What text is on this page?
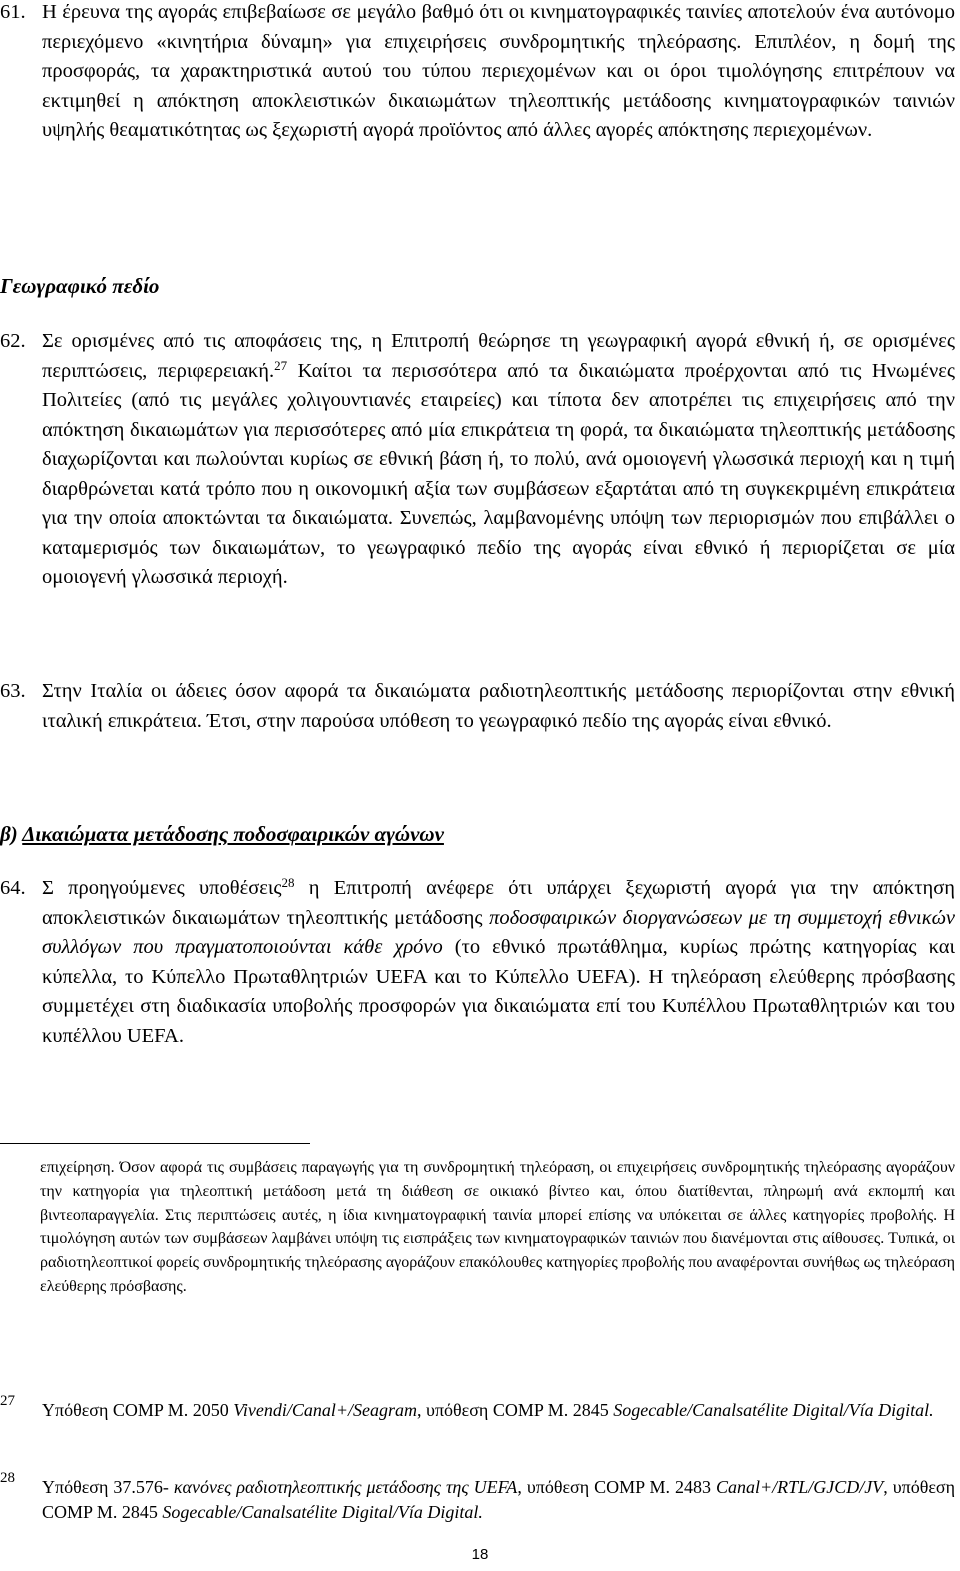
61. Η έρευνα της αγοράς επιβεβαίωσε σε μεγάλο βαθμό ότι οι κινηματογραφικές ταινίες αποτελούν ένα αυτόνομο περιεχόμενο «κινητήρια δύναμη» για επιχειρήσεις συνδρομητικής τηλεόρασης. Επιπλέον, η δομή της προσφοράς, τα χαρακτηριστικά αυτού του τύπου περιεχομένων και οι όροι τιμολόγησης επιτρέπουν να εκτιμηθεί η απόκτηση αποκλειστικών δικαιωμάτων τηλεοπτικής μετάδοσης κινηματογραφικών ταινιών υψηλής θεαματικότητας ως ξεχωριστή αγορά προϊόντος από άλλες αγορές απόκτησης περιεχομένων.
Γεωγραφικό πεδίο
62. Σε ορισμένες από τις αποφάσεις της, η Επιτροπή θεώρησε τη γεωγραφική αγορά εθνική ή, σε ορισμένες περιπτώσεις, περιφερειακή.$^{27}$ Καίτοι τα περισσότερα από τα δικαιώματα προέρχονται από τις Ηνωμένες Πολιτείες (από τις μεγάλες χολιγουντιανές εταιρείες) και τίποτα δεν αποτρέπει τις επιχειρήσεις από την απόκτηση δικαιωμάτων για περισσότερες από μία επικράτεια τη φορά, τα δικαιώματα τηλεοπτικής μετάδοσης διαχωρίζονται και πωλούνται κυρίως σε εθνική βάση ή, το πολύ, ανά ομοιογενή γλωσσικά περιοχή και η τιμή διαρθρώνεται κατά τρόπο που η οικονομική αξία των συμβάσεων εξαρτάται από τη συγκεκριμένη επικράτεια για την οποία αποκτώνται τα δικαιώματα. Συνεπώς, λαμβανομένης υπόψη των περιορισμών που επιβάλλει ο καταμερισμός των δικαιωμάτων, το γεωγραφικό πεδίο της αγοράς είναι εθνικό ή περιορίζεται σε μία ομοιογενή γλωσσικά περιοχή.
63. Στην Ιταλία οι άδειες όσον αφορά τα δικαιώματα ραδιοτηλεοπτικής μετάδοσης περιορίζονται στην εθνική ιταλική επικράτεια. Έτσι, στην παρούσα υπόθεση το γεωγραφικό πεδίο της αγοράς είναι εθνικό.
β) Δικαιώματα μετάδοσης ποδοσφαιρικών αγώνων
64. Σ προηγούμενες υποθέσεις$^{28}$ η Επιτροπή ανέφερε ότι υπάρχει ξεχωριστή αγορά για την απόκτηση αποκλειστικών δικαιωμάτων τηλεοπτικής μετάδοσης ποδοσφαιρικών διοργανώσεων με τη συμμετοχή εθνικών συλλόγων που πραγματοποιούνται κάθε χρόνο (το εθνικό πρωτάθλημα, κυρίως πρώτης κατηγορίας και κύπελλα, το Κύπελλο Πρωταθλητριών UEFA και το Κύπελλο UEFA). Η τηλεόραση ελεύθερης πρόσβασης συμμετέχει στη διαδικασία υποβολής προσφορών για δικαιώματα επί του Κυπέλλου Πρωταθλητριών και του κυπέλλου UEFA.
επιχείρηση. Όσον αφορά τις συμβάσεις παραγωγής για τη συνδρομητική τηλεόραση, οι επιχειρήσεις συνδρομητικής τηλεόρασης αγοράζουν την κατηγορία για τηλεοπτική μετάδοση μετά τη διάθεση σε οικιακό βίντεο και, όπου διατίθενται, πληρωμή ανά εκπομπή και βιντεοπαραγγελία. Στις περιπτώσεις αυτές, η ίδια κινηματογραφική ταινία μπορεί επίσης να υπόκειται σε άλλες κατηγορίες προβολής. Η τιμολόγηση αυτών των συμβάσεων λαμβάνει υπόψη τις εισπράξεις των κινηματογραφικών ταινιών που διανέμονται στις αίθουσες. Τυπικά, οι ραδιοτηλεοπτικοί φορείς συνδρομητικής τηλεόρασης αγοράζουν επακόλουθες κατηγορίες προβολής που αναφέρονται συνήθως ως τηλεόραση ελεύθερης πρόσβασης.
27 Υπόθεση COMP M. 2050 Vivendi/Canal+/Seagram, υπόθεση COMP M. 2845 Sogecable/Canalsatélite Digital/Vía Digital.
28 Υπόθεση 37.576- κανόνες ραδιοτηλεοπτικής μετάδοσης της UEFA, υπόθεση COMP M. 2483 Canal+/RTL/GJCD/JV, υπόθεση COMP M. 2845 Sogecable/Canalsatélite Digital/Vía Digital.
18
